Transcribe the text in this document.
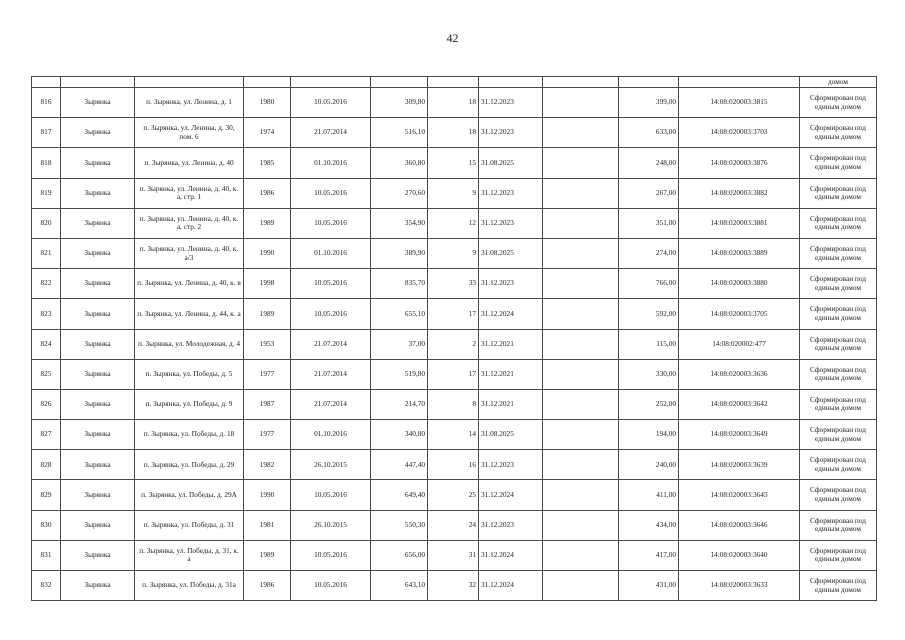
42
											домом
816	Зырянка	п. Зырянка, ул. Ленина, д. 1	1980	10.05.2016	309,80	18	31.12.2023		399,00	14:08:020003:3815	Сформирован под единым домом
817	Зырянка	п. Зырянка, ул. Ленина, д. 30, пом. 6	1974	21.07.2014	516,10	18	31.12.2023		633,00	14:08:020003:3703	Сформирован под единым домом
818	Зырянка	п. Зырянка, ул. Ленина, д. 40	1985	01.10.2016	360,80	15	31.08.2025		248,00	14:08:020003:3876	Сформирован под единым домом
819	Зырянка	п. Зырянка, ул. Ленина, д. 40, к. а, стр. 1	1986	10.05.2016	270,60	9	31.12.2023		267,00	14:08:020003:3882	Сформирован под единым домом
820	Зырянка	п. Зырянка, ул. Ленина, д. 40, к. а, стр. 2	1989	10.05.2016	354,90	12	31.12.2023		351,00	14:08:020003:3881	Сформирован под единым домом
821	Зырянка	п. Зырянка, ул. Ленина, д. 40, к. а/3	1990	01.10.2016	389,90	9	31.08.2025		274,00	14:08:020003:3889	Сформирован под единым домом
822	Зырянка	п. Зырянка, ул. Ленина, д. 40, к. в	1998	10.05.2016	835,70	33	31.12.2023		766,00	14:08:020003:3880	Сформирован под единым домом
823	Зырянка	п. Зырянка, ул. Ленина, д. 44, к. а	1989	10.05.2016	655,10	17	31.12.2024		592,00	14:08:020003:3705	Сформирован под единым домом
824	Зырянка	п. Зырянка, ул. Молодежная, д. 4	1953	21.07.2014	37,00	2	31.12.2021		115,00	14:08:020002:477	Сформирован под единым домом
825	Зырянка	п. Зырянка, ул. Победы, д. 5	1977	21.07.2014	519,80	17	31.12.2021		330,00	14:08:020003:3636	Сформирован под единым домом
826	Зырянка	п. Зырянка, ул. Победы, д. 9	1987	21.07.2014	214,70	8	31.12.2021		252,00	14:08:020003:3642	Сформирован под единым домом
827	Зырянка	п. Зырянка, ул. Победы, д. 18	1977	01.10.2016	340,80	14	31.08.2025		194,00	14:08:020003:3649	Сформирован под единым домом
828	Зырянка	п. Зырянка, ул. Победы, д. 29	1982	26.10.2015	447,40	16	31.12.2023		240,00	14:08:020003:3639	Сформирован под единым домом
829	Зырянка	п. Зырянка, ул. Победы, д. 29А	1990	10.05.2016	649,40	25	31.12.2024		411,00	14:08:020003:3645	Сформирован под единым домом
830	Зырянка	п. Зырянка, ул. Победы, д. 31	1981	26.10.2015	550,30	24	31.12.2023		434,00	14:08:020003:3646	Сформирован под единым домом
831	Зырянка	п. Зырянка, ул. Победы, д. 31, к. а	1989	10.05.2016	656,00	31	31.12.2024		417,00	14:08:020003:3640	Сформирован под единым домом
832	Зырянка	п. Зырянка, ул. Победы, д. 31а	1986	10.05.2016	643,10	32	31.12.2024		431,00	14:08:020003:3633	Сформирован под единым домом
